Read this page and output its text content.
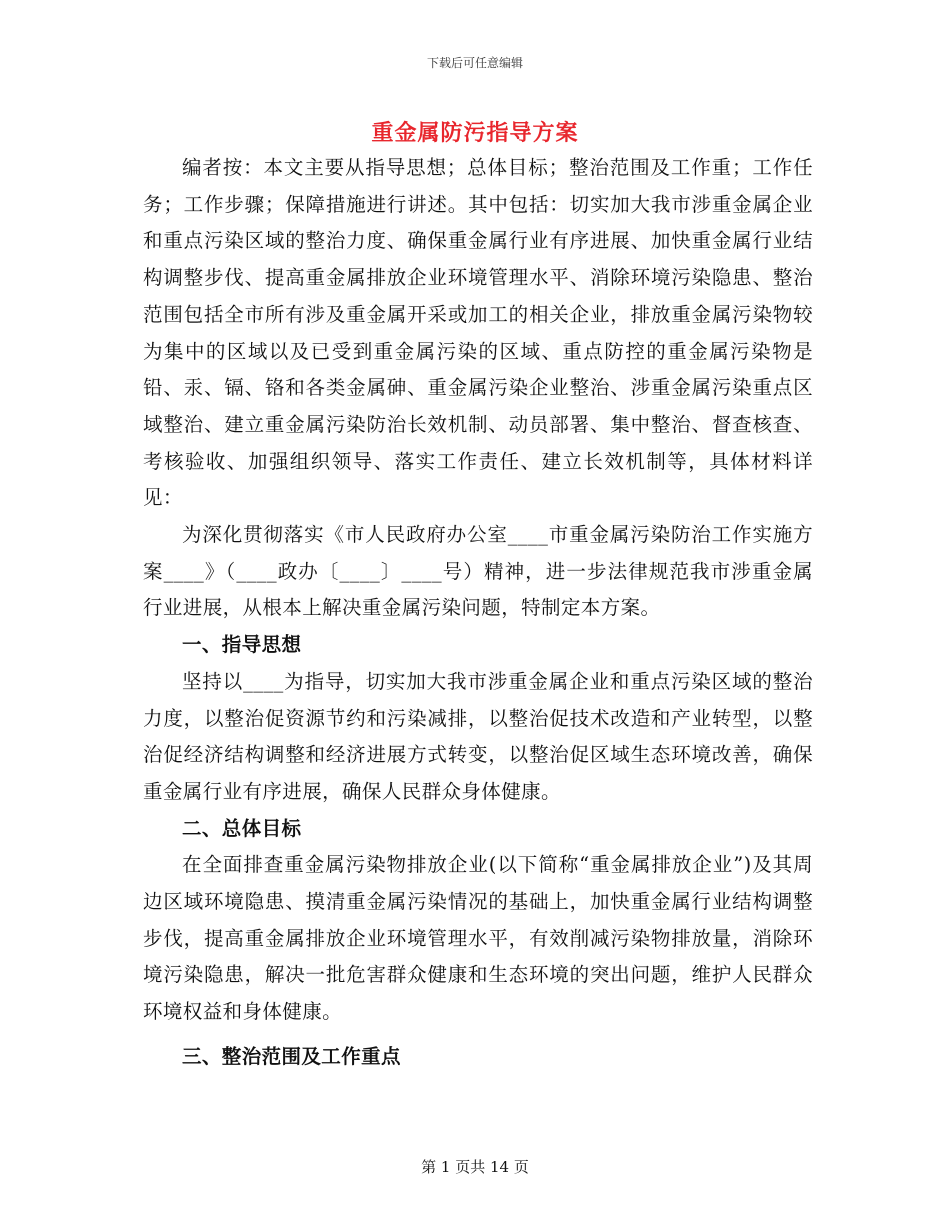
下载后可任意编辑
重金属防污指导方案

编者按：本文主要从指导思想；总体目标；整治范围及工作重；工作任务；工作步骤；保障措施进行讲述。其中包括：切实加大我市涉重金属企业和重点污染区域的整治力度、确保重金属行业有序进展、加快重金属行业结构调整步伐、提高重金属排放企业环境管理水平、消除环境污染隐患、整治范围包括全市所有涉及重金属开采或加工的相关企业，排放重金属污染物较为集中的区域以及已受到重金属污染的区域、重点防控的重金属污染物是铅、汞、镉、铬和各类金属砷、重金属污染企业整治、涉重金属污染重点区域整治、建立重金属污染防治长效机制、动员部署、集中整治、督查核查、考核验收、加强组织领导、落实工作责任、建立长效机制等，具体材料详见：

为深化贯彻落实《市人民政府办公室____市重金属污染防治工作实施方案____》（____政办〔____〕____号）精神，进一步法律规范我市涉重金属行业进展，从根本上解决重金属污染问题，特制定本方案。

一、指导思想

坚持以____为指导，切实加大我市涉重金属企业和重点污染区域的整治力度，以整治促资源节约和污染减排，以整治促技术改造和产业转型，以整治促经济结构调整和经济进展方式转变，以整治促区域生态环境改善，确保重金属行业有序进展，确保人民群众身体健康。

二、总体目标

在全面排查重金属污染物排放企业(以下简称“重金属排放企业”)及其周边区域环境隐患、摸清重金属污染情况的基础上，加快重金属行业结构调整步伐，提高重金属排放企业环境管理水平，有效削减污染物排放量，消除环境污染隐患，解决一批危害群众健康和生态环境的突出问题，维护人民群众环境权益和身体健康。

三、整治范围及工作重点

第 1 页共 14 页
